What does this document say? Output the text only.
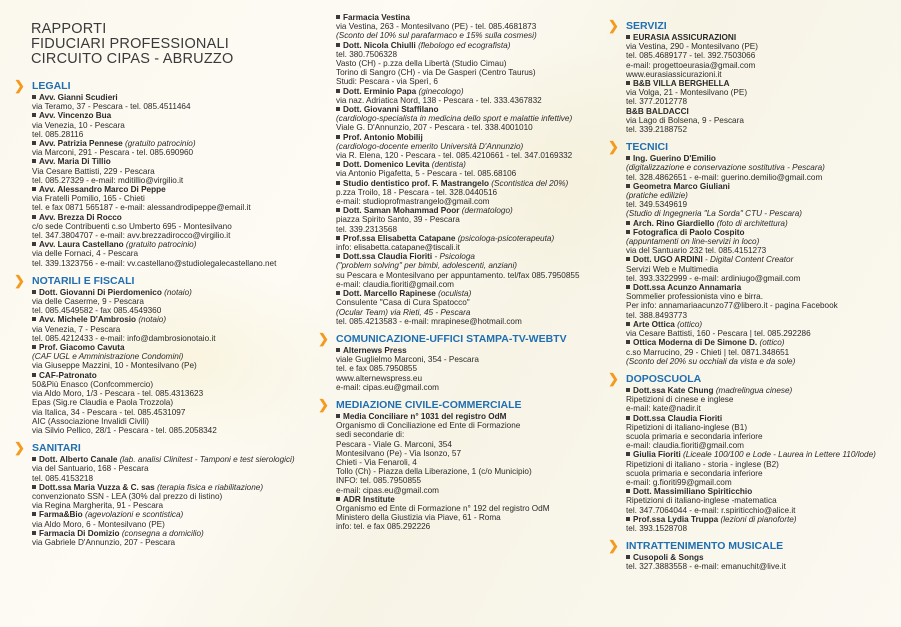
RAPPORTI
FIDUCIARI PROFESSIONALI
CIRCUITO CIPAS - ABRUZZO
❯ LEGALI
Avv. Gianni Scudieri
via Teramo, 37 - Pescara - tel. 085.4511464
Avv. Vincenzo Bua
via Venezia, 10 - Pescara
tel. 085.28116
Avv. Patrizia Pennese (gratuito patrocinio)
via Marconi, 291 - Pescara - tel. 085.690960
Avv. Maria Di Tillio
Via Cesare Battisti, 229 - Pescara
tel. 085.27329 - e-mail: mditillio@virgilio.it
Avv. Alessandro Marco Di Peppe
via Fratelli Pomilio, 165 - Chieti
tel. e fax 0871 565187 - e-mail: alessandrodipeppe@email.it
Avv. Brezza Di Rocco
c/o sede Contribuenti c.so Umberto 695 - Montesilvano
tel. 347.3804707 - e-mail: avv.brezzadirocco@virgilio.it
Avv. Laura Castellano (gratuito patrocinio)
via delle Fornaci, 4 - Pescara
tel. 339.1323756 - e-mail: vv.castellano@studiolegalecastellano.net
❯ NOTARILI E FISCALI
Dott. Giovanni Di Pierdomenico (notaio)
via delle Caserme, 9 - Pescara
tel. 085.4549582 - fax 085.4549360
Avv. Michele D'Ambrosio (notaio)
via Venezia, 7 - Pescara
tel. 085.4212433 - e-mail: info@dambrosionotaio.it
Prof. Giacomo Cavuta
(CAF UGL e Amministrazione Condomini)
via Giuseppe Mazzini, 10 - Montesilvano (Pe)
CAF-Patronato
50&Più Enasco (Confcommercio)
via Aldo Moro, 1/3 - Pescara - tel. 085.4313623
Epas (Sig.re Claudia e Paola Trozzola)
via Italica, 34 - Pescara - tel. 085.4531097
AIC (Associazione Invalidi Civili)
via Silvio Pellico, 28/1 - Pescara - tel. 085.2058342
❯ SANITARI
Dott. Alberto Canale (lab. analisi Clinitest - Tamponi e test sierologici)
via del Santuario, 168 - Pescara
tel. 085.4153218
Dott.ssa Maria Vuzza & C. sas (terapia fisica e riabilitazione)
convenzionato SSN - LEA (30% dal prezzo di listino)
via Regina Margherita, 91 - Pescara
Farma&Bio (agevolazioni e scontistica)
via Aldo Moro, 6 - Montesilvano (PE)
Farmacia Di Domizio (consegna a domicilio)
via Gabriele D'Annunzio, 207 - Pescara
Farmacia Vestina
via Vestina, 263 - Montesilvano (PE) - tel. 085.4681873
(Sconto del 10% sul parafarmaco e 15% sulla cosmesi)
Dott. Nicola Chiulli (flebologo ed ecografista)
tel. 380.7506328
Vasto (CH) - p.zza della Libertà (Studio Cimau)
Torino di Sangro (CH) - via De Gasperi (Centro Taurus)
Studi: Pescara - via Sperì, 6
Dott. Erminio Papa (ginecologo)
via naz. Adriatica Nord, 138 - Pescara - tel. 333.4367832
Dott. Giovanni Staffilano
(cardiologo-specialista in medicina dello sport e malattie infettive)
Viale G. D'Annunzio, 207 - Pescara - tel. 338.4001010
Prof. Antonio Mobilij
(cardiologo-docente emerito Università D'Annunzio)
via R. Elena, 120 - Pescara - tel. 085.4210661 - tel. 347.0169332
Dott. Domenico Levita (dentista)
via Antonio Pigafetta, 5 - Pescara - tel. 085.68106
Studio dentistico prof. F. Mastrangelo (Scontistica del 20%)
p.zza Troilo, 18 - Pescara - tel. 328.0440516
e-mail: studioprofmastrangelo@gmail.com
Dott. Saman Mohammad Poor (dermatologo)
piazza Spirito Santo, 39 - Pescara
tel. 339.2313568
Prof.ssa Elisabetta Catapane (psicologa-psicoterapeuta)
info: elisabetta.catapane@tiscali.it
Dott.ssa Claudia Fioriti - Psicologa
("problem solving" per bimbi, adolescenti, anziani)
su Pescara e Montesilvano per appuntamento. tel/fax 085.7950855
e-mail: claudia.fioriti@gmail.com
Dott. Marcello Rapinese (oculista)
Consulente "Casa di Cura Spatocco"
(Ocular Team) via Rieti, 45 - Pescara
tel. 085.4213583 - e-mail: mrapinese@hotmail.com
❯ COMUNICAZIONE-UFFICI STAMPA-TV-WEBTV
Alternews Press
viale Guglielmo Marconi, 354 - Pescara
tel. e fax 085.7950855
www.alternewspress.eu
e-mail: cipas.eu@gmail.com
❯ MEDIAZIONE CIVILE-COMMERCIALE
Media Conciliare n° 1031 del registro OdM
Organismo di Conciliazione ed Ente di Formazione
sedi secondarie di:
Pescara - Viale G. Marconi, 354
Montesilvano (Pe) - Via Isonzo, 57
Chieti - Via Fenaroli, 4
Tollo (Ch) - Piazza della Liberazione, 1 (c/o Municipio)
INFO: tel. 085.7950855
e-mail: cipas.eu@gmail.com
ADR Institute
Organismo ed Ente di Formazione n° 192 del registro OdM
Ministero della Giustizia via Piave, 61 - Roma
info: tel. e fax 085.292226
❯ SERVIZI
EURASIA ASSICURAZIONI
via Vestina, 290 - Montesilvano (PE)
tel. 085.4689177 - tel. 392.7503066
e-mail: progettoeurasia@gmail.com
www.eurasiassicurazioni.it
B&B VILLA BERGHELLA
via Volga, 21 - Montesilvano (PE)
tel. 377.2012778
B&B BALDACCI
via Lago di Bolsena, 9 - Pescara
tel. 339.2188752
❯ TECNICI
Ing. Guerino D'Emilio
(digitalizzazione e conservazione sostitutiva - Pescara)
tel. 328.4862651 - e-mail: guerino.demilio@gmail.com
Geometra Marco Giuliani
(pratiche edilizie)
tel. 349.5349619
(Studio di Ingegneria "La Sorda" CTU - Pescara)
Arch. Rino Giardiello (foto di architettura)
Fotografica di Paolo Cospito
(appuntamenti on line-servizi in loco)
via del Santuario 232 tel. 085.4151273
Dott. UGO ARDINI - Digital Content Creator
Servizi Web e Multimedia
tel. 393.3322999 - e-mail: ardiniugo@gmail.com
Dott.ssa Acunzo Annamaria
Sommelier professionista vino e birra.
Per info: annamariaacunzo77@libero.it - pagina Facebook
tel. 388.8493773
Arte Ottica (ottico)
via Cesare Battisti, 160 - Pescara | tel. 085.292286
Ottica Moderna di De Simone D. (ottico)
c.so Marrucino, 29 - Chieti | tel. 0871.348651
(Sconto del 20% su occhiali da vista e da sole)
❯ DOPOSCUOLA
Dott.ssa Kate Chung (madrelingua cinese)
Ripetizioni di cinese e inglese
e-mail: kate@nadir.it
Dott.ssa Claudia Fioriti
Ripetizioni di italiano-inglese (B1)
scuola primaria e secondaria inferiore
e-mail: claudia.fioriti@gmail.com
Giulia Fioriti (Liceale 100/100 e Lode - Laurea in Lettere 110/lode)
Ripetizioni di italiano - storia - inglese (B2)
scuola primaria e secondaria inferiore
e-mail: g.fioriti99@gmail.com
Dott. Massimiliano Spiriticchio
Ripetizioni di italiano-inglese -matematica
tel. 347.7064044 - e-mail: r.spiriticchio@alice.it
Prof.ssa Lydia Truppa (lezioni di pianoforte)
tel. 393.1528708
❯ INTRATTENIMENTO MUSICALE
Cusopoli & Songs
tel. 327.3883558 - e-mail: emanuchit@live.it
